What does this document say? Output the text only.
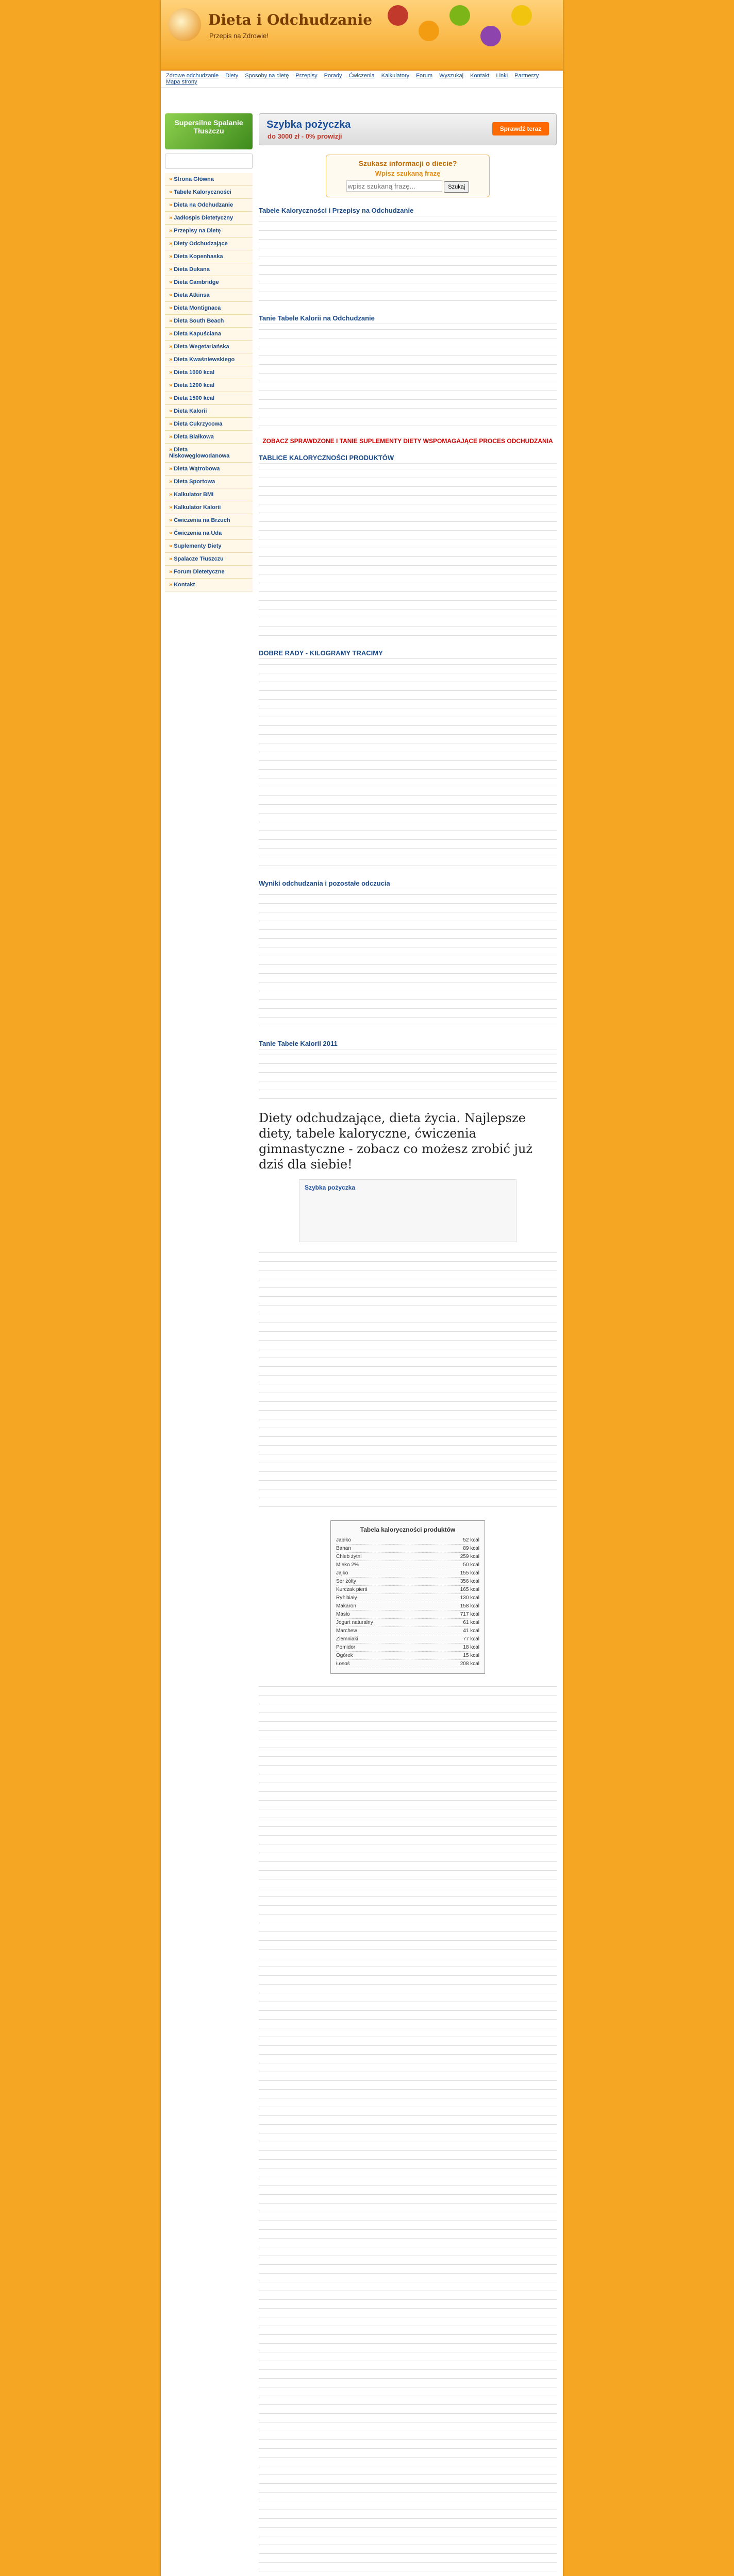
Dieta i Odchudzanie
Przepis na Zdrowie!
Zdrowe odchudzanie Diety Sposoby na dietę Przepisy Porady Ćwiczenia Kalkulatory Forum Wyszukaj Kontakt Linki Partnerzy Mapa strony
Supersilne Spalanie Tłuszczu
» Strona Główna
» Tabele Kaloryczności
» Dieta na Odchudzanie
» Jadłospis Dietetyczny
» Przepisy na Dietę
» Diety Odchudzające
» Dieta Kopenhaska
» Dieta Dukana
» Dieta Cambridge
» Dieta Atkinsa
» Dieta Montignaca
» Dieta South Beach
» Dieta Kapuściana
» Dieta Wegetariańska
» Dieta Kwaśniewskiego
» Dieta 1000 kcal
» Dieta 1200 kcal
» Dieta 1500 kcal
» Dieta Kalorii
» Dieta Cukrzycowa
» Dieta Białkowa
» Dieta Niskowęglowodanowa
» Dieta Wątrobowa
» Dieta Sportowa
» Kalkulator BMI
» Kalkulator Kalorii
» Ćwiczenia na Brzuch
» Ćwiczenia na Uda
» Suplementy Diety
» Spalacze Tłuszczu
» Forum Dietetyczne
» Kontakt
Szybka pożyczka
do 3000 zł - 0% prowizji
Sprawdź teraz
Szukasz informacji o diecie?
Wpisz szukaną frazę
wpisz szukaną frazę... Szukaj
Tabele Kaloryczności i Przepisy na Odchudzanie
Tanie Tabele Kalorii na Odchudzanie
ZOBACZ SPRAWDZONE I TANIE SUPLEMENTY DIETY WSPOMAGAJĄCE PROCES ODCHUDZANIA
TABLICE KALORYCZNOŚCI PRODUKTÓW
DOBRE RADY - KILOGRAMY TRACIMY
Wyniki odchudzania i pozostałe odczucia
Tanie Tabele Kalorii 2011
Diety odchudzające, dieta życia. Najlepsze diety, tabele kaloryczne, ćwiczenia gimnastyczne - zobacz co możesz zrobić już dziś dla siebie!
Szybka pożyczka
Tabela kaloryczności produktów
Jabłko	52 kcal
Banan	89 kcal
Chleb żytni	259 kcal
Mleko 2%	50 kcal
Jajko	155 kcal
Ser żółty	356 kcal
Kurczak pierś	165 kcal
Ryż biały	130 kcal
Makaron	158 kcal
Masło	717 kcal
Jogurt naturalny	61 kcal
Marchew	41 kcal
Ziemniaki	77 kcal
Pomidor	18 kcal
Ogórek	15 kcal
Łosoś	208 kcal
